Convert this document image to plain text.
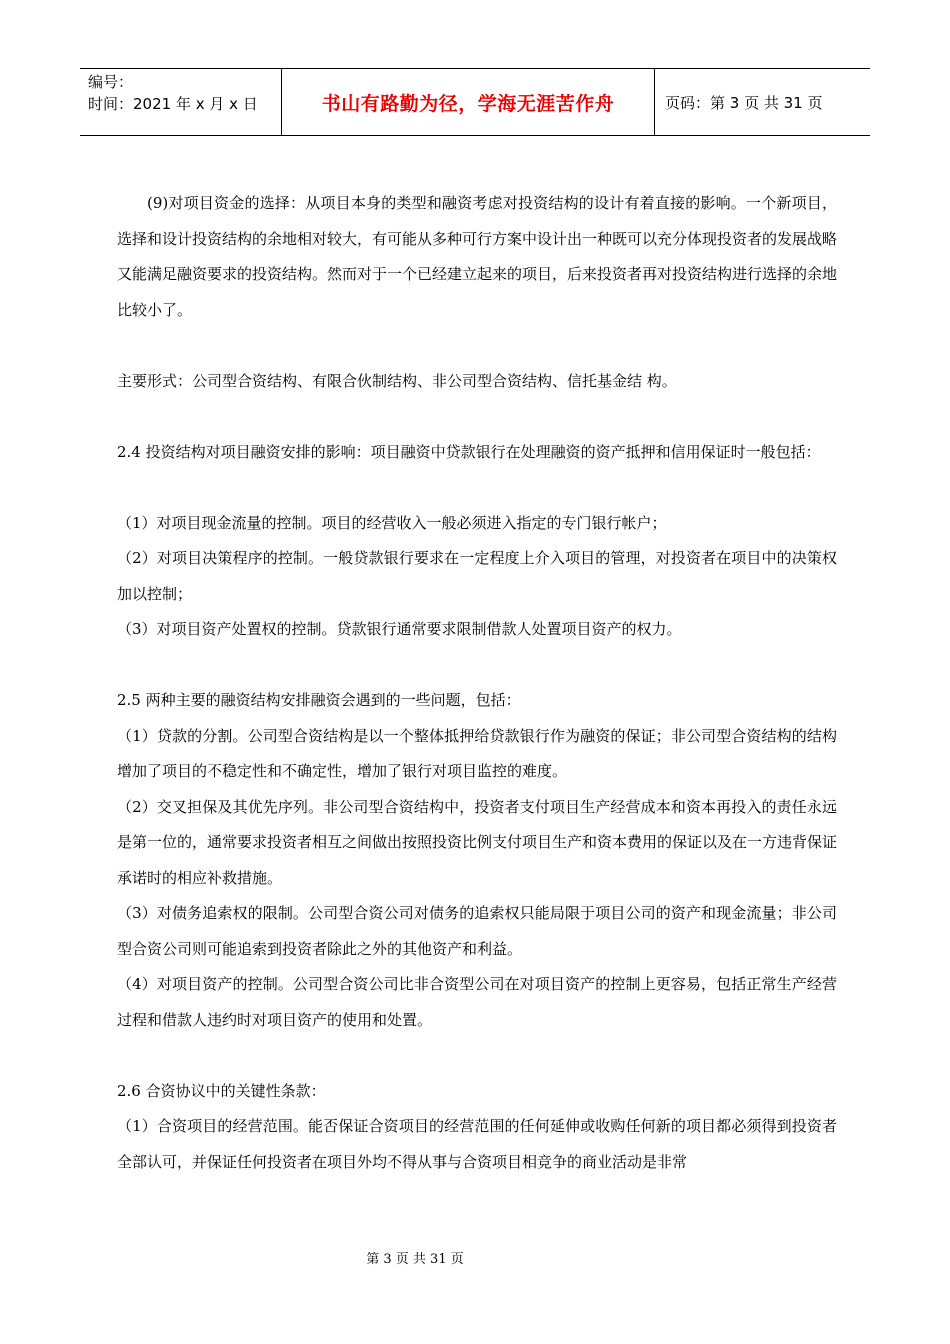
编号：
时间：2021 年 x 月 x 日	书山有路勤为径，学海无涯苦作舟	页码：第 3 页 共 31 页

(9)对项目资金的选择：从项目本身的类型和融资考虑对投资结构的设计有着直接的影响。一个新项目，选择和设计投资结构的余地相对较大，有可能从多种可行方案中设计出一种既可以充分体现投资者的发展战略又能满足融资要求的投资结构。然而对于一个已经建立起来的项目，后来投资者再对投资结构进行选择的余地比较小了。

主要形式：公司型合资结构、有限合伙制结构、非公司型合资结构、信托基金结 构。

2.4 投资结构对项目融资安排的影响：项目融资中贷款银行在处理融资的资产抵押和信用保证时一般包括：

（1）对项目现金流量的控制。项目的经营收入一般必须进入指定的专门银行帐户；

（2）对项目决策程序的控制。一般贷款银行要求在一定程度上介入项目的管理，对投资者在项目中的决策权加以控制；

（3）对项目资产处置权的控制。贷款银行通常要求限制借款人处置项目资产的权力。

2.5 两种主要的融资结构安排融资会遇到的一些问题，包括：

（1）贷款的分割。公司型合资结构是以一个整体抵押给贷款银行作为融资的保证；非公司型合资结构的结构增加了项目的不稳定性和不确定性，增加了银行对项目监控的难度。

（2）交叉担保及其优先序列。非公司型合资结构中，投资者支付项目生产经营成本和资本再投入的责任永远是第一位的，通常要求投资者相互之间做出按照投资比例支付项目生产和资本费用的保证以及在一方违背保证承诺时的相应补救措施。

（3）对债务追索权的限制。公司型合资公司对债务的追索权只能局限于项目公司的资产和现金流量；非公司型合资公司则可能追索到投资者除此之外的其他资产和利益。

（4）对项目资产的控制。公司型合资公司比非合资型公司在对项目资产的控制上更容易，包括正常生产经营过程和借款人违约时对项目资产的使用和处置。

2.6 合资协议中的关键性条款：

（1）合资项目的经营范围。能否保证合资项目的经营范围的任何延伸或收购任何新的项目都必须得到投资者全部认可，并保证任何投资者在项目外均不得从事与合资项目相竞争的商业活动是非常

第 3 页 共 31 页
